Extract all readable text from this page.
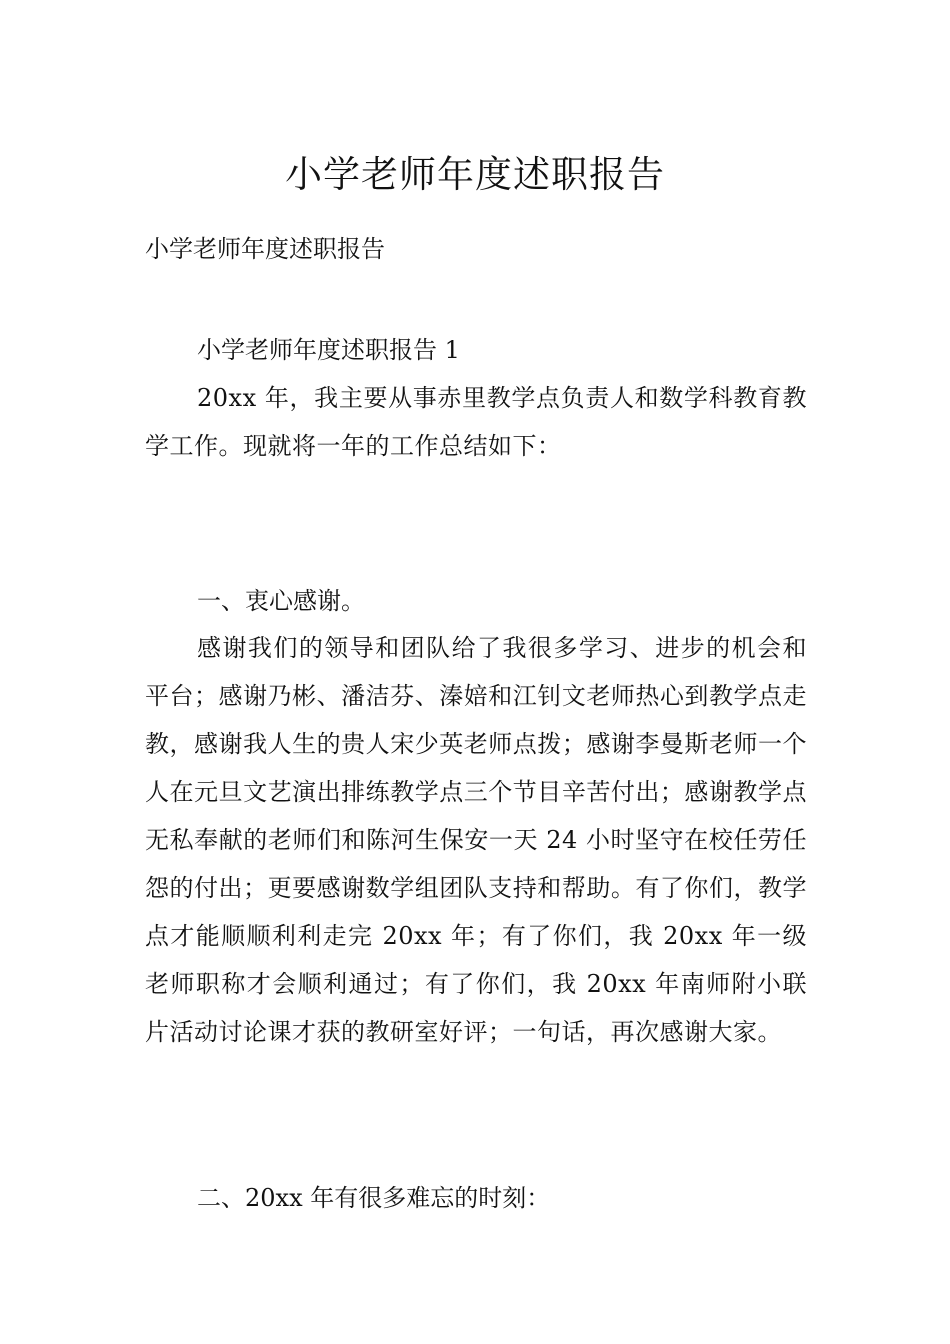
小学老师年度述职报告

小学老师年度述职报告

小学老师年度述职报告 1

20xx 年，我主要从事赤里教学点负责人和数学科教育教学工作。现就将一年的工作总结如下：

一、衷心感谢。

感谢我们的领导和团队给了我很多学习、进步的机会和平台；感谢乃彬、潘洁芬、溱婄和江钊文老师热心到教学点走教，感谢我人生的贵人宋少英老师点拨；感谢李曼斯老师一个人在元旦文艺演出排练教学点三个节目辛苦付出；感谢教学点无私奉献的老师们和陈河生保安一天 24 小时坚守在校任劳任怨的付出；更要感谢数学组团队支持和帮助。有了你们，教学点才能顺顺利利走完 20xx 年；有了你们，我 20xx 年一级老师职称才会顺利通过；有了你们，我 20xx 年南师附小联片活动讨论课才获的教研室好评；一句话，再次感谢大家。

二、20xx 年有很多难忘的时刻：
